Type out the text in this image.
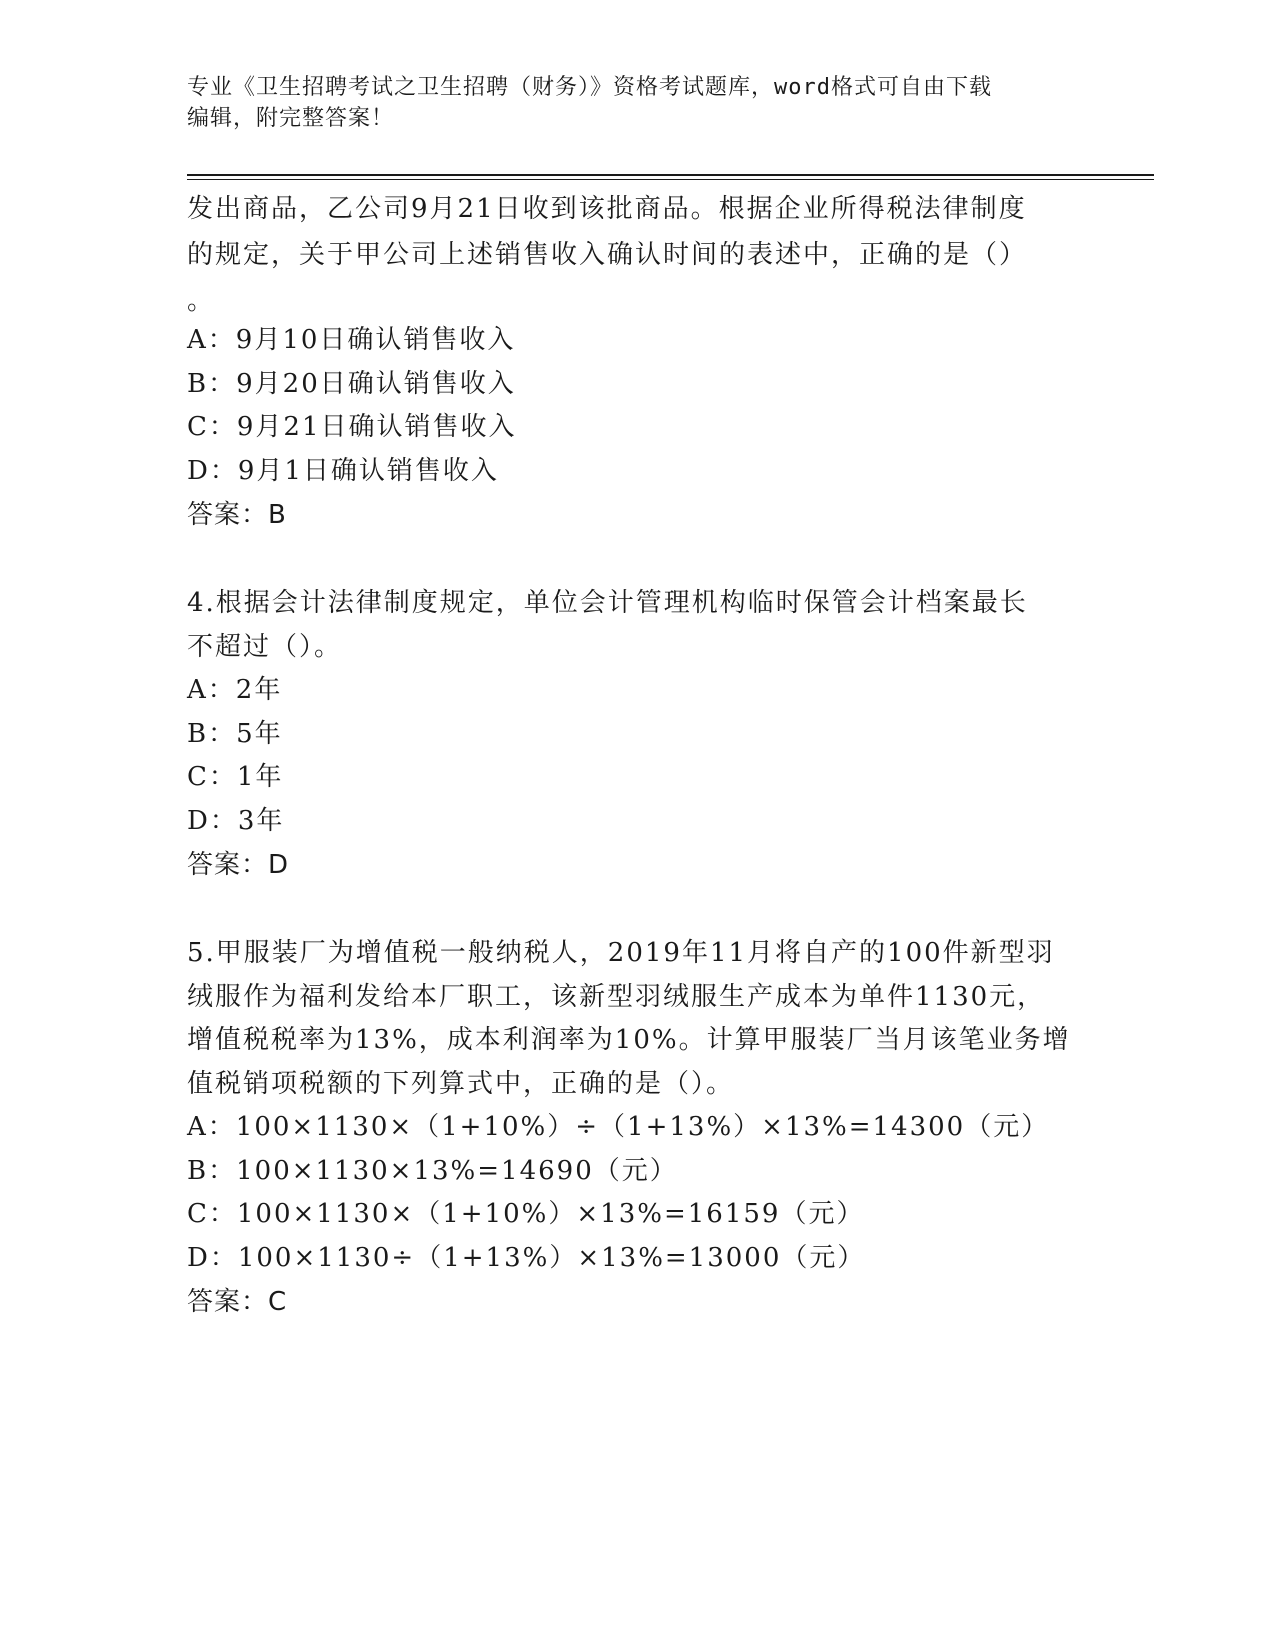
专业《卫生招聘考试之卫生招聘（财务）》资格考试题库，word格式可自由下载
编辑，附完整答案！
发出商品，乙公司9月21日收到该批商品。根据企业所得税法律制度
的规定，关于甲公司上述销售收入确认时间的表述中，正确的是（）
。
A：9月10日确认销售收入
B：9月20日确认销售收入
C：9月21日确认销售收入
D：9月1日确认销售收入
答案：B
4.根据会计法律制度规定，单位会计管理机构临时保管会计档案最长
不超过（）。
A：2年
B：5年
C：1年
D：3年
答案：D
5.甲服装厂为增值税一般纳税人，2019年11月将自产的100件新型羽
绒服作为福利发给本厂职工，该新型羽绒服生产成本为单件1130元，
增值税税率为13%，成本利润率为10%。计算甲服装厂当月该笔业务增
值税销项税额的下列算式中，正确的是（）。
A：100×1130×（1+10%）÷（1+13%）×13%=14300（元）
B：100×1130×13%=14690（元）
C：100×1130×（1+10%）×13%=16159（元）
D：100×1130÷（1+13%）×13%=13000（元）
答案：C
